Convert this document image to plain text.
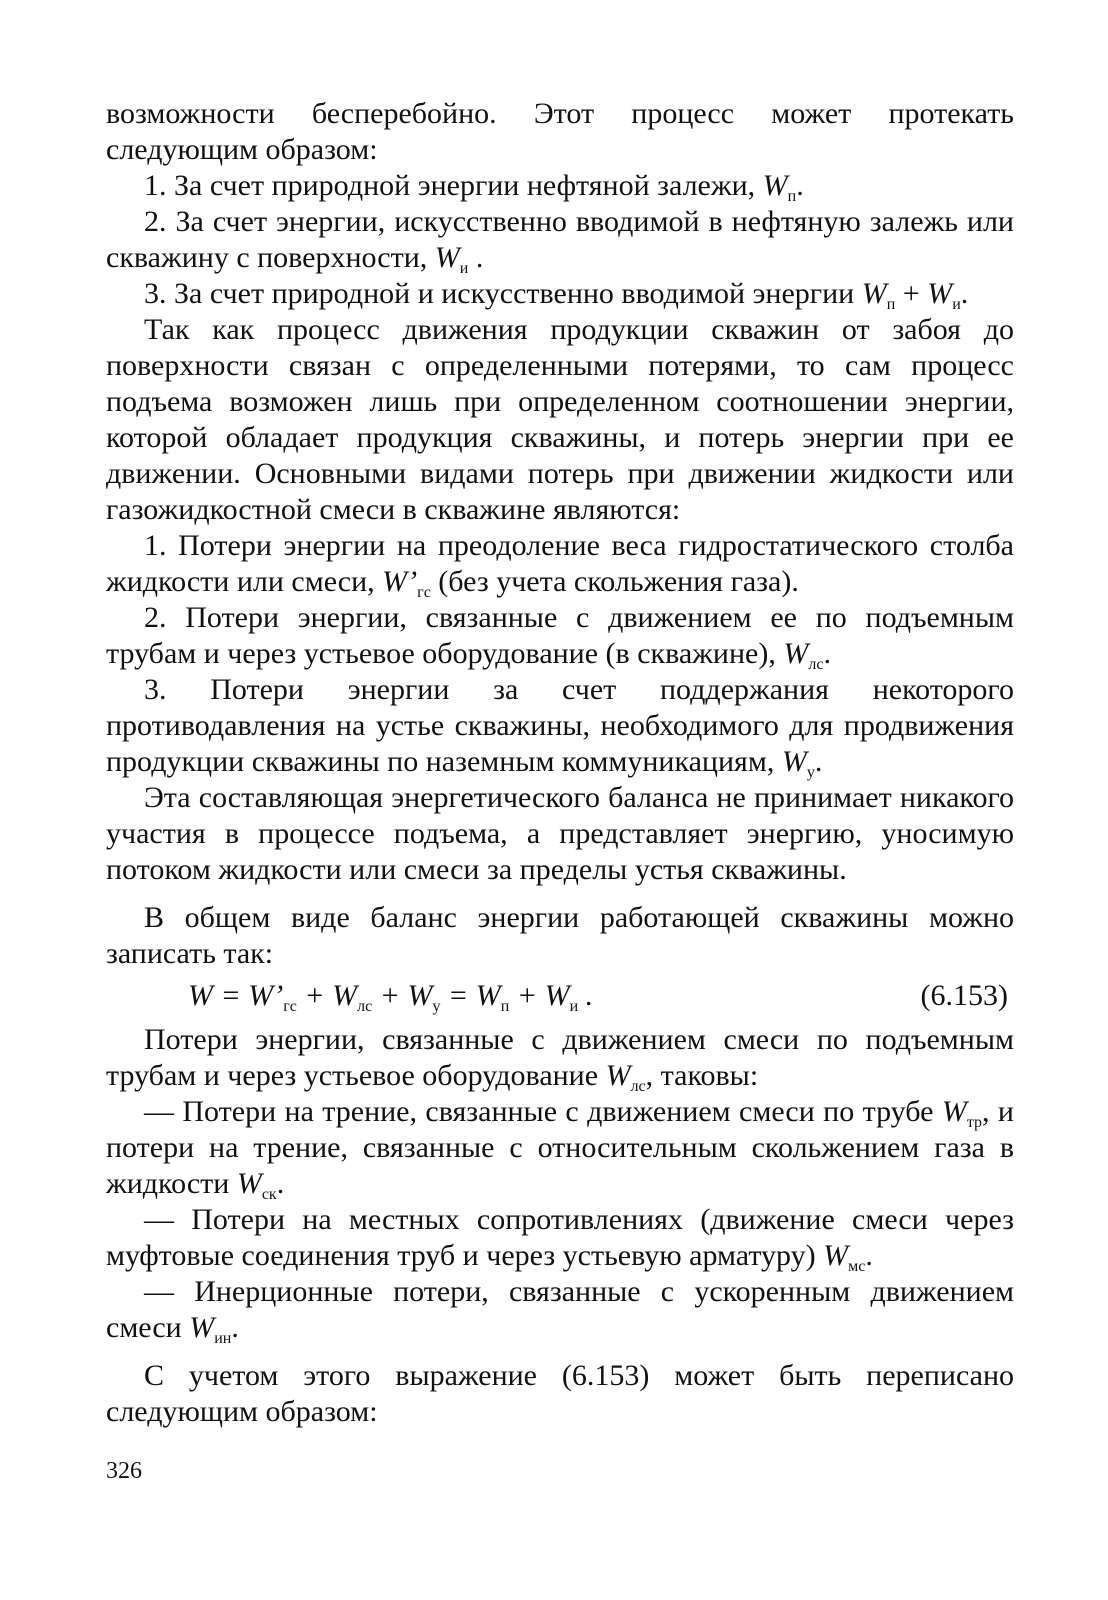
возможности бесперебойно. Этот процесс может протекать следующим образом:

1. За счет природной энергии нефтяной залежи, $W_п$.

2. За счет энергии, искусственно вводимой в нефтяную залежь или скважину с поверхности, $W_и$ .

3. За счет природной и искусственно вводимой энергии $W_п + W_и$.

Так как процесс движения продукции скважин от забоя до поверхности связан с определенными потерями, то сам процесс подъема возможен лишь при определенном соотношении энергии, которой обладает продукция скважины, и потерь энергии при ее движении. Основными видами потерь при движении жидкости или газожидкостной смеси в скважине являются:

1. Потери энергии на преодоление веса гидростатического столба жидкости или смеси, $W’_{гс}$ (без учета скольжения газа).

2. Потери энергии, связанные с движением ее по подъемным трубам и через устьевое оборудование (в скважине), $W_{лс}$.

3. Потери энергии за счет поддержания некоторого противодавления на устье скважины, необходимого для продвижения продукции скважины по наземным коммуникациям, $W_у$.

Эта составляющая энергетического баланса не принимает никакого участия в процессе подъема, а представляет энергию, уносимую потоком жидкости или смеси за пределы устья скважины.

В общем виде баланс энергии работающей скважины можно записать так:

$W = W’_{гс} + W_{лс} + W_у = W_п + W_и$ .	(6.153)

Потери энергии, связанные с движением смеси по подъемным трубам и через устьевое оборудование $W_{лс}$, таковы:

— Потери на трение, связанные с движением смеси по трубе $W_{тр}$, и потери на трение, связанные с относительным скольжением газа в жидкости $W_{ск}$.

— Потери на местных сопротивлениях (движение смеси через муфтовые соединения труб и через устьевую арматуру) $W_{мс}$.

— Инерционные потери, связанные с ускоренным движением смеси $W_{ин}$.

С учетом этого выражение (6.153) может быть переписано следующим образом:

326
